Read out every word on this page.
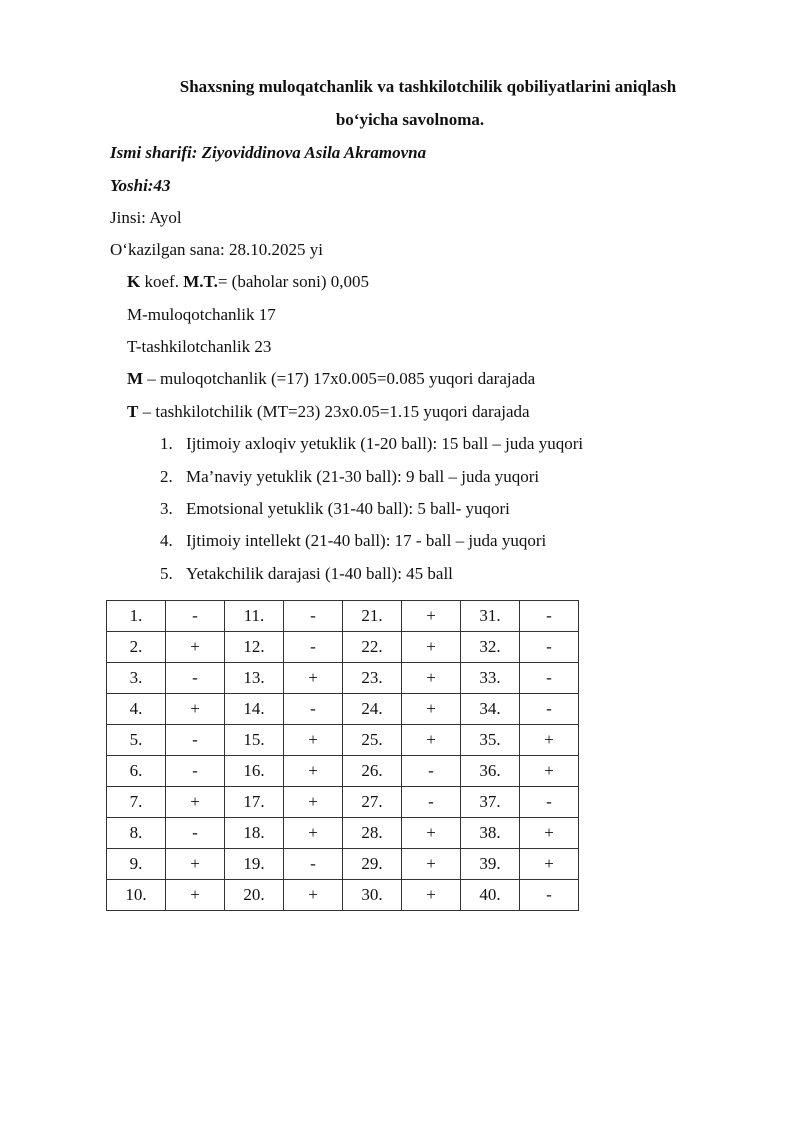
Shaxsning muloqatchanlik va tashkilotchilik qobiliyatlarini aniqlash
bo‘yicha savolnoma.
Ismi sharifi: Ziyoviddinova Asila Akramovna
Yoshi:43
Jinsi: Ayol
O‘kazilgan sana: 28.10.2025 yi
K koef. M.T.= (baholar soni) 0,005
M-muloqotchanlik 17
T-tashkilotchanlik 23
M – muloqotchanlik (=17) 17x0.005=0.085 yuqori darajada
T – tashkilotchilik (MT=23) 23x0.05=1.15 yuqori darajada
1. Ijtimoiy axloqiv yetuklik (1-20 ball): 15 ball – juda yuqori
2. Ma’naviy yetuklik (21-30 ball): 9 ball – juda yuqori
3. Emotsional yetuklik (31-40 ball): 5 ball- yuqori
4. Ijtimoiy intellekt (21-40 ball): 17 - ball – juda yuqori
5. Yetakchilik darajasi (1-40 ball): 45 ball
1.	-	11.	-	21.	+	31.	-
2.	+	12.	-	22.	+	32.	-
3.	-	13.	+	23.	+	33.	-
4.	+	14.	-	24.	+	34.	-
5.	-	15.	+	25.	+	35.	+
6.	-	16.	+	26.	-	36.	+
7.	+	17.	+	27.	-	37.	-
8.	-	18.	+	28.	+	38.	+
9.	+	19.	-	29.	+	39.	+
10.	+	20.	+	30.	+	40.	-
